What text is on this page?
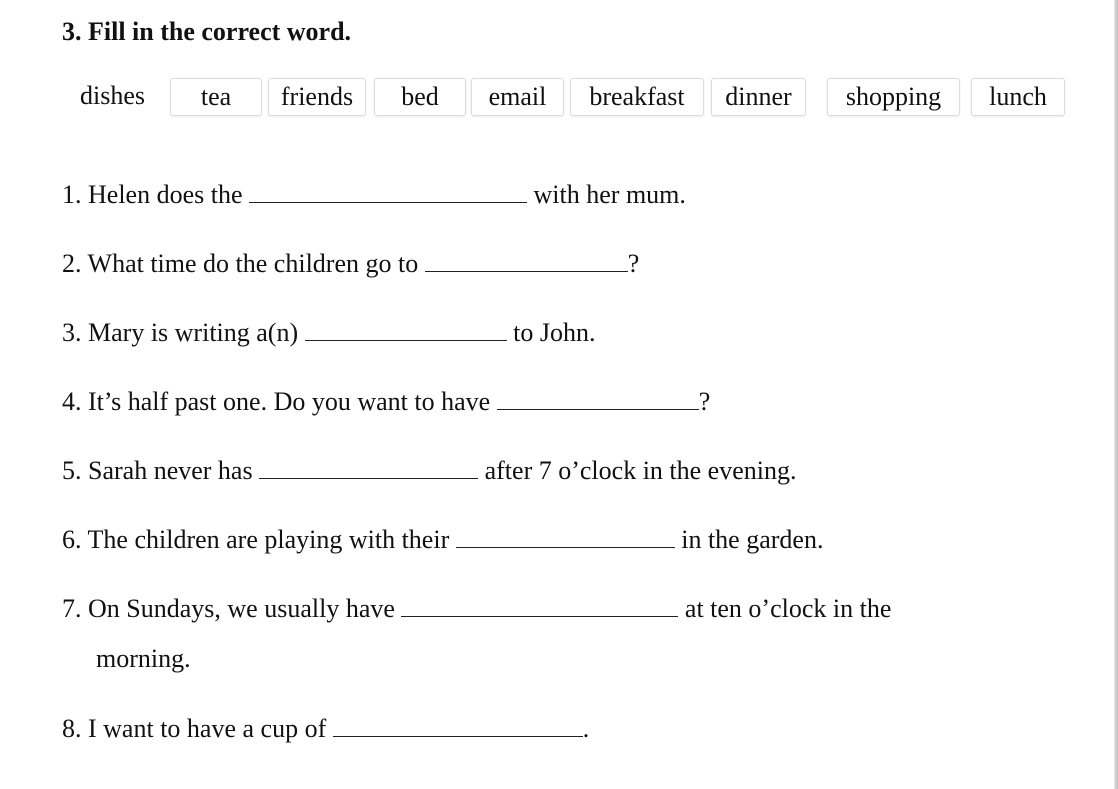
3. Fill in the correct word.
dishes	tea	friends	bed	email	breakfast	dinner	shopping	lunch
1. Helen does the	with her mum.
2. What time do the children go to	?
3. Mary is writing a(n)	to John.
4. It’s half past one. Do you want to have	?
5. Sarah never has	after 7 o’clock in the evening.
6. The children are playing with their	in the garden.
7. On Sundays, we usually have	at ten o’clock in the
morning.
8. I want to have a cup of	.
